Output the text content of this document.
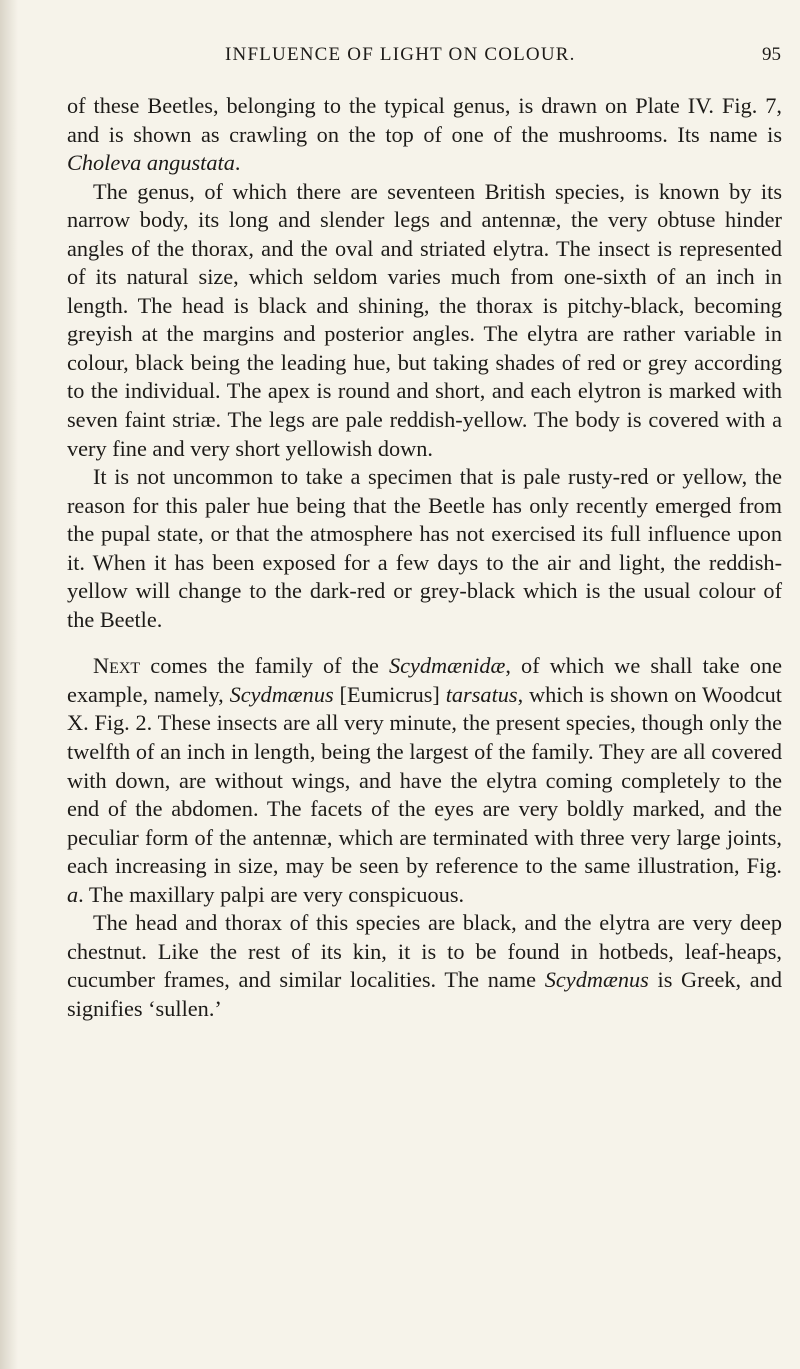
INFLUENCE OF LIGHT ON COLOUR.	95

of these Beetles, belonging to the typical genus, is drawn on Plate IV. Fig. 7, and is shown as crawling on the top of one of the mushrooms. Its name is Choleva angustata.

The genus, of which there are seventeen British species, is known by its narrow body, its long and slender legs and antennæ, the very obtuse hinder angles of the thorax, and the oval and striated elytra. The insect is represented of its natural size, which seldom varies much from one-sixth of an inch in length. The head is black and shining, the thorax is pitchy-black, becoming greyish at the margins and posterior angles. The elytra are rather variable in colour, black being the leading hue, but taking shades of red or grey according to the individual. The apex is round and short, and each elytron is marked with seven faint striæ. The legs are pale reddish-yellow. The body is covered with a very fine and very short yellowish down.

It is not uncommon to take a specimen that is pale rusty-red or yellow, the reason for this paler hue being that the Beetle has only recently emerged from the pupal state, or that the atmosphere has not exercised its full influence upon it. When it has been exposed for a few days to the air and light, the reddish-yellow will change to the dark-red or grey-black which is the usual colour of the Beetle.

Next comes the family of the Scydmænidæ, of which we shall take one example, namely, Scydmænus [Eumicrus] tarsatus, which is shown on Woodcut X. Fig. 2. These insects are all very minute, the present species, though only the twelfth of an inch in length, being the largest of the family. They are all covered with down, are without wings, and have the elytra coming completely to the end of the abdomen. The facets of the eyes are very boldly marked, and the peculiar form of the antennæ, which are terminated with three very large joints, each increasing in size, may be seen by reference to the same illustration, Fig. a. The maxillary palpi are very conspicuous.

The head and thorax of this species are black, and the elytra are very deep chestnut. Like the rest of its kin, it is to be found in hotbeds, leaf-heaps, cucumber frames, and similar localities. The name Scydmænus is Greek, and signifies ‘sullen.’
